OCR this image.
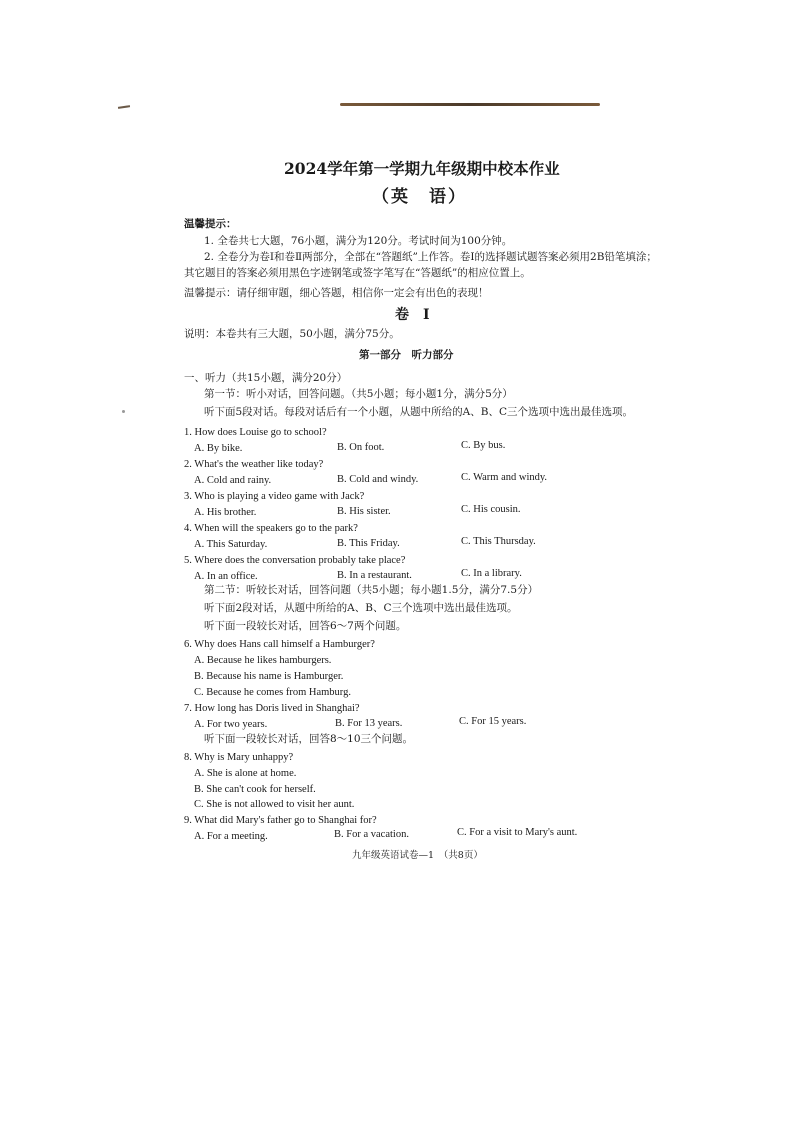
2024学年第一学期九年级期中校本作业
（英　语）
温馨提示：
1. 全卷共七大题，76小题，满分为120分。考试时间为100分钟。
2. 全卷分为卷Ⅰ和卷Ⅱ两部分，全部在“答题纸”上作答。卷Ⅰ的选择题试题答案必须用2B铅笔填涂；
其它题目的答案必须用黑色字迹钢笔或签字笔写在“答题纸”的相应位置上。
温馨提示：请仔细审题，细心答题，相信你一定会有出色的表现！
卷　Ⅰ
说明：本卷共有三大题，50小题，满分75分。
第一部分　听力部分
一、听力（共15小题，满分20分）
第一节：听小对话，回答问题。（共5小题；每小题1分，满分5分）
听下面5段对话。每段对话后有一个小题，从题中所给的A、B、C三个选项中选出最佳选项。
1. How does Louise go to school?
A. By bike.	B. On foot.	C. By bus.
2. What's the weather like today?
A. Cold and rainy.	B. Cold and windy.	C. Warm and windy.
3. Who is playing a video game with Jack?
A. His brother.	B. His sister.	C. His cousin.
4. When will the speakers go to the park?
A. This Saturday.	B. This Friday.	C. This Thursday.
5. Where does the conversation probably take place?
A. In an office.	B. In a restaurant.	C. In a library.
第二节：听较长对话，回答问题（共5小题；每小题1.5分，满分7.5分）
听下面2段对话，从题中所给的A、B、C三个选项中选出最佳选项。
听下面一段较长对话，回答6～7两个问题。
6. Why does Hans call himself a Hamburger?
A. Because he likes hamburgers.
B. Because his name is Hamburger.
C. Because he comes from Hamburg.
7. How long has Doris lived in Shanghai?
A. For two years.	B. For 13 years.	C. For 15 years.
听下面一段较长对话，回答8～10三个问题。
8. Why is Mary unhappy?
A. She is alone at home.
B. She can't cook for herself.
C. She is not allowed to visit her aunt.
9. What did Mary's father go to Shanghai for?
A. For a meeting.	B. For a vacation.	C. For a visit to Mary's aunt.
九年级英语试卷—1　（共8页）
